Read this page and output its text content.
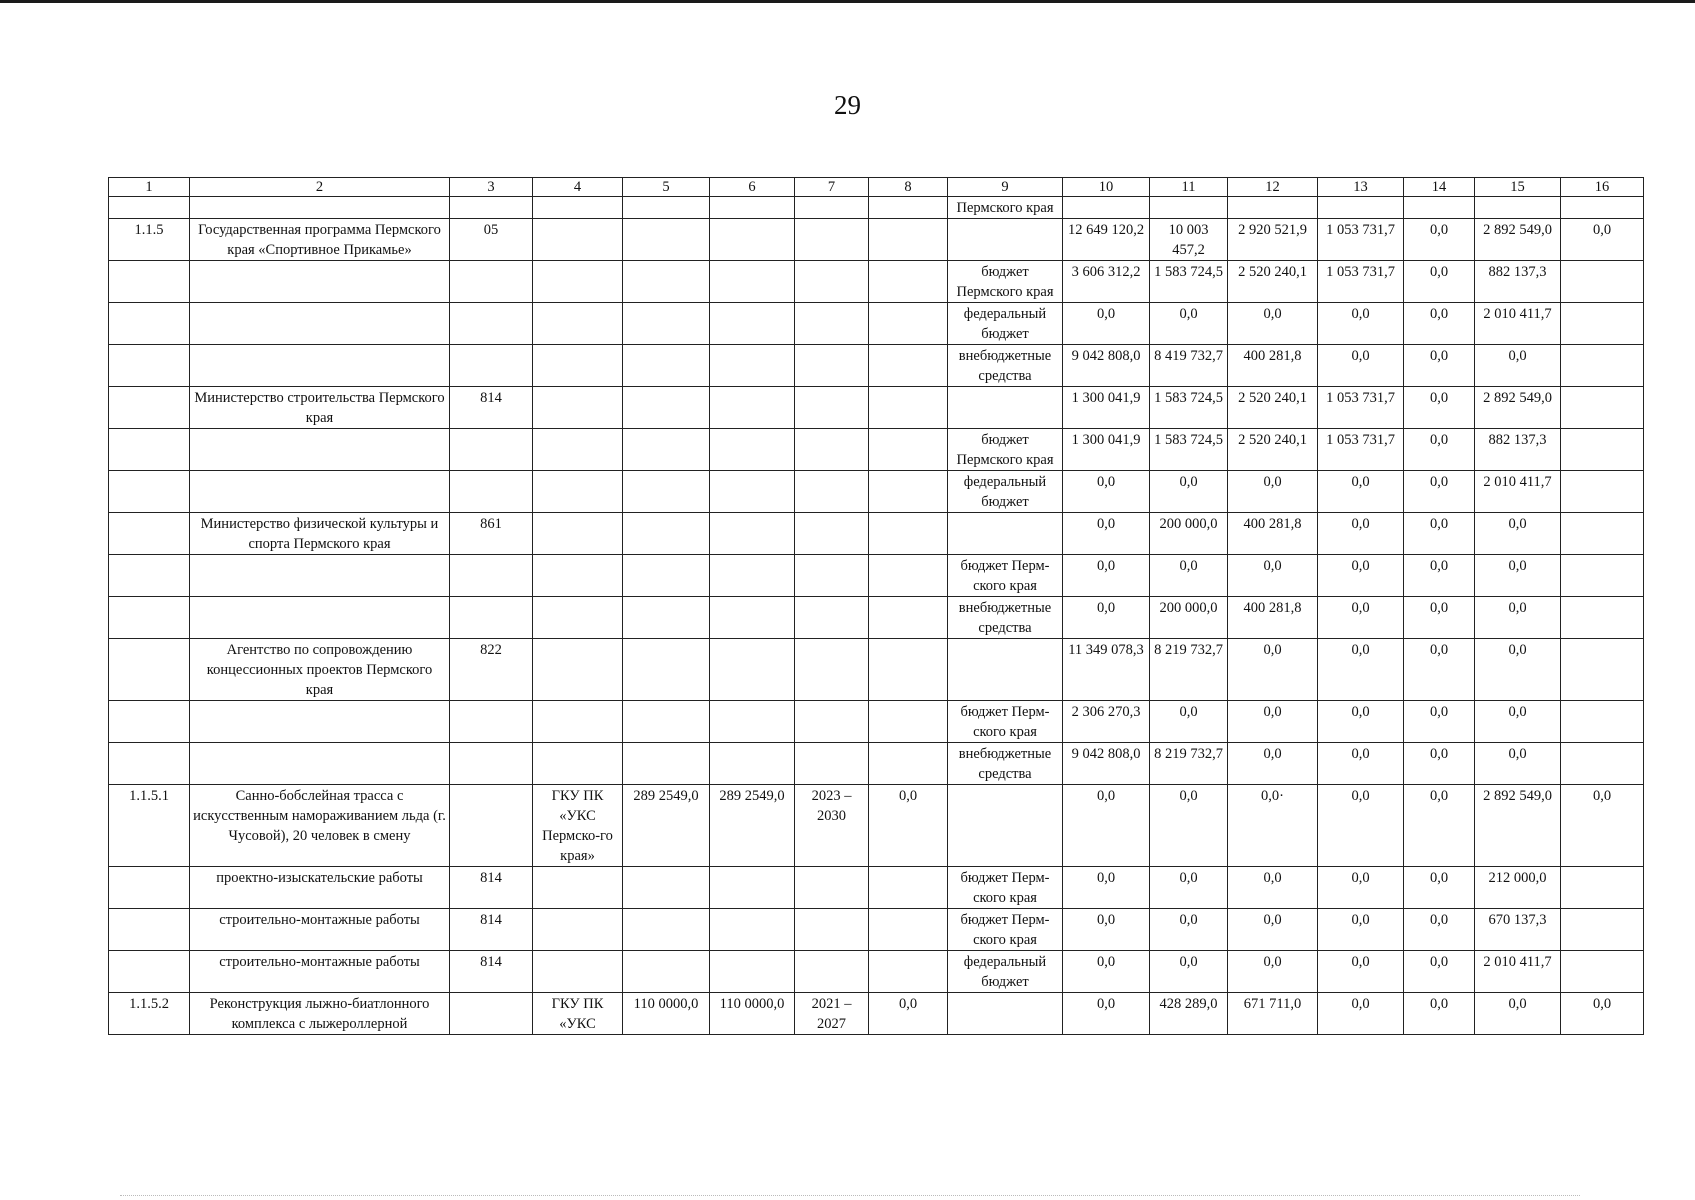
29
1	2	3	4	5	6	7	8	9	10	11	12	13	14	15	16
								Пермского края							
1.1.5	Государственная программа Пермского края «Спортивное Прикамье»	05							12 649 120,2	10 003 457,2	2 920 521,9	1 053 731,7	0,0	2 892 549,0	0,0
								бюджет Пермского края	3 606 312,2	1 583 724,5	2 520 240,1	1 053 731,7	0,0	882 137,3	
								федеральный бюджет	0,0	0,0	0,0	0,0	0,0	2 010 411,7	
								внебюджетные средства	9 042 808,0	8 419 732,7	400 281,8	0,0	0,0	0,0	
	Министерство строительства Пермского края	814							1 300 041,9	1 583 724,5	2 520 240,1	1 053 731,7	0,0	2 892 549,0	
								бюджет Пермского края	1 300 041,9	1 583 724,5	2 520 240,1	1 053 731,7	0,0	882 137,3	
								федеральный бюджет	0,0	0,0	0,0	0,0	0,0	2 010 411,7	
	Министерство физической культуры и спорта Пермского края	861							0,0	200 000,0	400 281,8	0,0	0,0	0,0	
								бюджет Перм-ского края	0,0	0,0	0,0	0,0	0,0	0,0	
								внебюджетные средства	0,0	200 000,0	400 281,8	0,0	0,0	0,0	
	Агентство по сопровождению концессионных проектов Пермского края	822							11 349 078,3	8 219 732,7	0,0	0,0	0,0	0,0	
								бюджет Перм-ского края	2 306 270,3	0,0	0,0	0,0	0,0	0,0	
								внебюджетные средства	9 042 808,0	8 219 732,7	0,0	0,0	0,0	0,0	
1.1.5.1	Санно-бобслейная трасса с искусственным намораживанием льда (г. Чусовой), 20 человек в смену		ГКУ ПК «УКС Пермско-го края»	289 2549,0	289 2549,0	2023 – 2030	0,0		0,0	0,0	0,0·	0,0	0,0	2 892 549,0	0,0
	проектно-изыскательские работы	814						бюджет Перм-ского края	0,0	0,0	0,0	0,0	0,0	212 000,0	
	строительно-монтажные работы	814						бюджет Перм-ского края	0,0	0,0	0,0	0,0	0,0	670 137,3	
	строительно-монтажные работы	814						федеральный бюджет	0,0	0,0	0,0	0,0	0,0	2 010 411,7	
1.1.5.2	Реконструкция лыжно-биатлонного комплекса с лыжероллерной		ГКУ ПК «УКС	110 0000,0	110 0000,0	2021 – 2027	0,0		0,0	428 289,0	671 711,0	0,0	0,0	0,0	0,0
